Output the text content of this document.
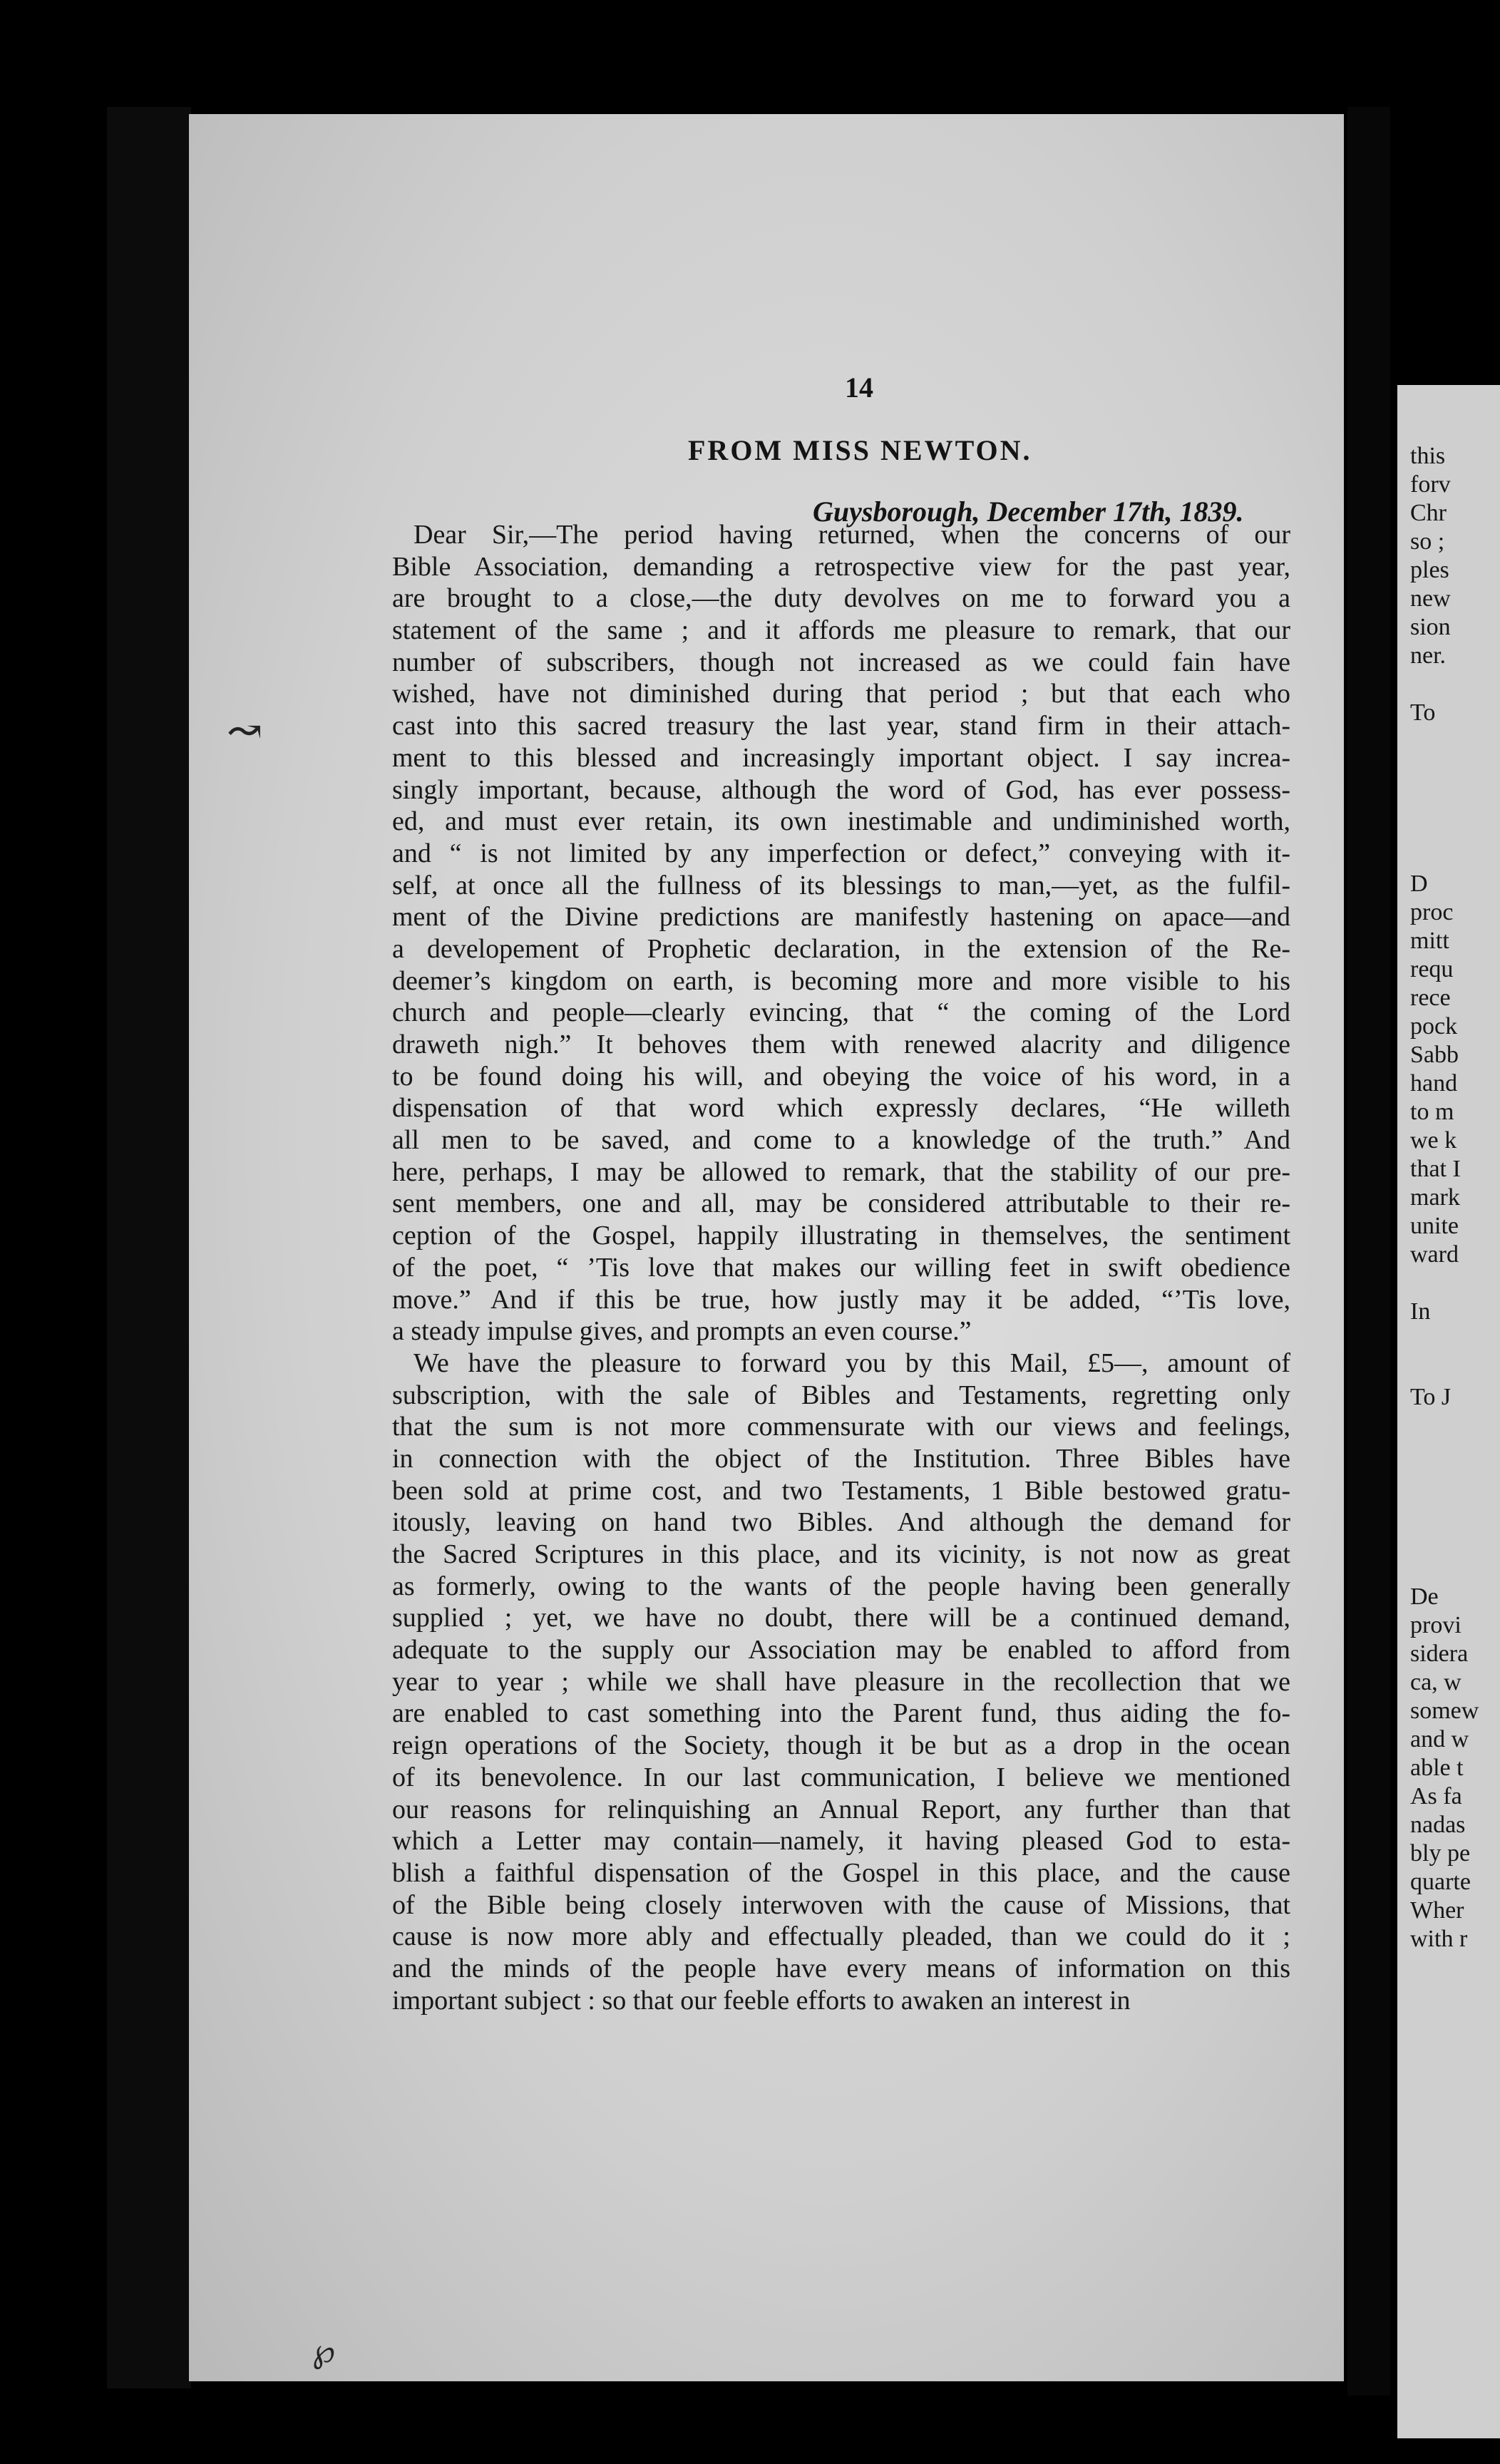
this
forv
Chr
so ;
ples
new
sion
ner.
To
D
proc
mitt
requ
rece
pock
Sabb
hand
to m
we k
that I
mark
unite
ward
In
To J
De
provi
sidera
ca, w
somew
and w
able t
As fa
nadas
bly pe
quarte
Wher
with r
14
FROM MISS NEWTON.
Guysborough, December 17th, 1839.
Dear Sir,—The period having returned, when the concerns of our
Bible Association, demanding a retrospective view for the past year,
are brought to a close,—the duty devolves on me to forward you a
statement of the same ; and it affords me pleasure to remark, that our
number of subscribers, though not increased as we could fain have
wished, have not diminished during that period ; but that each who
cast into this sacred treasury the last year, stand firm in their attach-
ment to this blessed and increasingly important object. I say increa-
singly important, because, although the word of God, has ever possess-
ed, and must ever retain, its own inestimable and undiminished worth,
and “ is not limited by any imperfection or defect,” conveying with it-
self, at once all the fullness of its blessings to man,—yet, as the fulfil-
ment of the Divine predictions are manifestly hastening on apace—and
a developement of Prophetic declaration, in the extension of the Re-
deemer’s kingdom on earth, is becoming more and more visible to his
church and people—clearly evincing, that “ the coming of the Lord
draweth nigh.” It behoves them with renewed alacrity and diligence
to be found doing his will, and obeying the voice of his word, in a
dispensation of that word which expressly declares, “He willeth
all men to be saved, and come to a knowledge of the truth.” And
here, perhaps, I may be allowed to remark, that the stability of our pre-
sent members, one and all, may be considered attributable to their re-
ception of the Gospel, happily illustrating in themselves, the sentiment
of the poet, “ ’Tis love that makes our willing feet in swift obedience
move.” And if this be true, how justly may it be added, “’Tis love,
a steady impulse gives, and prompts an even course.”
We have the pleasure to forward you by this Mail, £5—, amount of
subscription, with the sale of Bibles and Testaments, regretting only
that the sum is not more commensurate with our views and feelings,
in connection with the object of the Institution. Three Bibles have
been sold at prime cost, and two Testaments, 1 Bible bestowed gratu-
itously, leaving on hand two Bibles. And although the demand for
the Sacred Scriptures in this place, and its vicinity, is not now as great
as formerly, owing to the wants of the people having been generally
supplied ; yet, we have no doubt, there will be a continued demand,
adequate to the supply our Association may be enabled to afford from
year to year ; while we shall have pleasure in the recollection that we
are enabled to cast something into the Parent fund, thus aiding the fo-
reign operations of the Society, though it be but as a drop in the ocean
of its benevolence. In our last communication, I believe we mentioned
our reasons for relinquishing an Annual Report, any further than that
which a Letter may contain—namely, it having pleased God to esta-
blish a faithful dispensation of the Gospel in this place, and the cause
of the Bible being closely interwoven with the cause of Missions, that
cause is now more ably and effectually pleaded, than we could do it ;
and the minds of the people have every means of information on this
important subject : so that our feeble efforts to awaken an interest in
↝
℘
